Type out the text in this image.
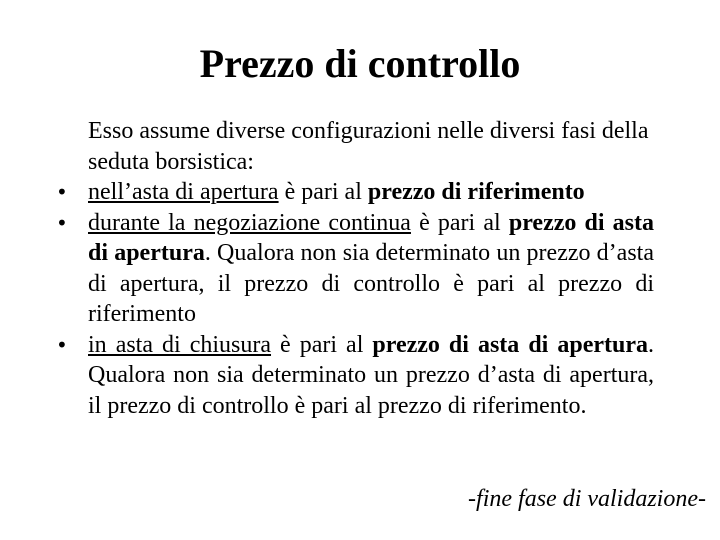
Prezzo di controllo

Esso assume diverse configurazioni nelle diversi fasi della seduta borsistica:

• nell’asta di apertura è pari al prezzo di riferimento
• durante la negoziazione continua è pari al prezzo di asta di apertura. Qualora non sia determinato un prezzo d’asta di apertura, il prezzo di controllo è pari al prezzo di riferimento
• in asta di chiusura è pari al prezzo di asta di apertura. Qualora non sia determinato un prezzo d’asta di apertura, il prezzo di controllo è pari al prezzo di riferimento.
-fine fase di validazione-
